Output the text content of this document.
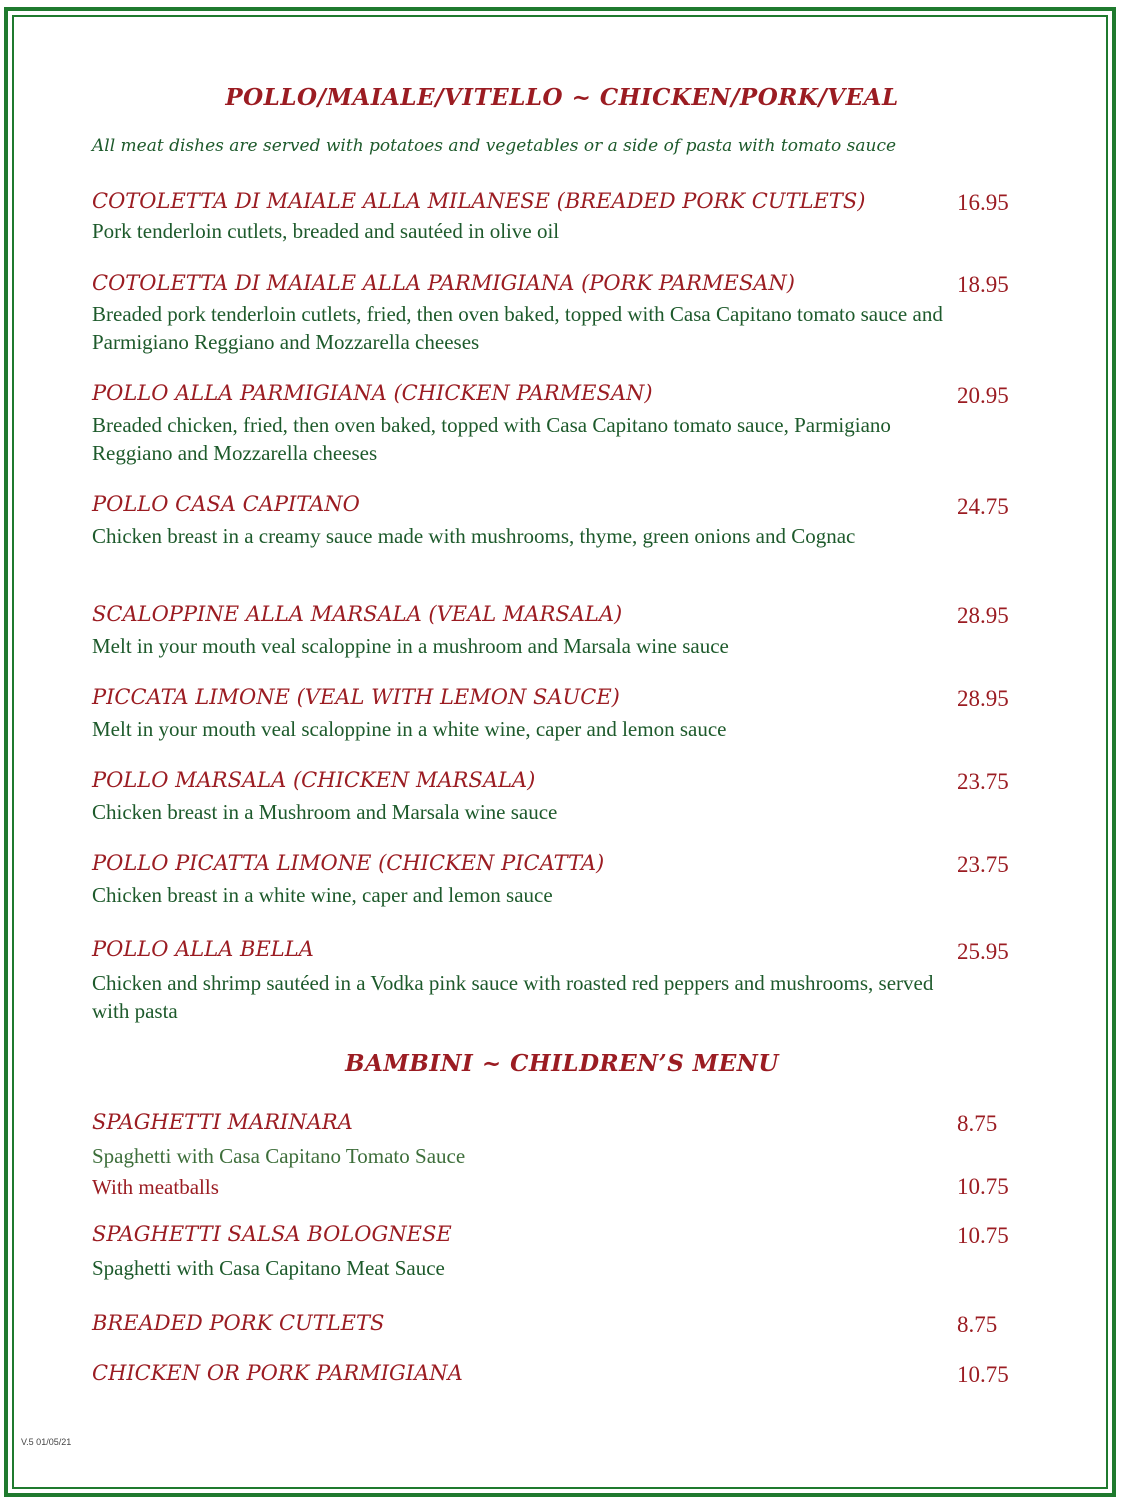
POLLO/MAIALE/VITELLO ~ CHICKEN/PORK/VEAL
All meat dishes are served with potatoes and vegetables or a side of pasta with tomato sauce
COTOLETTA DI MAIALE ALLA MILANESE (BREADED PORK CUTLETS)	16.95
Pork tenderloin cutlets, breaded and sautéed in olive oil
COTOLETTA DI MAIALE ALLA PARMIGIANA (PORK PARMESAN)	18.95
Breaded pork tenderloin cutlets, fried, then oven baked, topped with Casa Capitano tomato sauce and Parmigiano Reggiano and Mozzarella cheeses
POLLO ALLA PARMIGIANA (CHICKEN PARMESAN)	20.95
Breaded chicken, fried, then oven baked, topped with Casa Capitano tomato sauce, Parmigiano Reggiano and Mozzarella cheeses
POLLO CASA CAPITANO	24.75
Chicken breast in a creamy sauce made with mushrooms, thyme, green onions and Cognac
SCALOPPINE ALLA MARSALA (VEAL MARSALA)	28.95
Melt in your mouth veal scaloppine in a mushroom and Marsala wine sauce
PICCATA LIMONE (VEAL WITH LEMON SAUCE)	28.95
Melt in your mouth veal scaloppine in a white wine, caper and lemon sauce
POLLO MARSALA (CHICKEN MARSALA)	23.75
Chicken breast in a Mushroom and Marsala wine sauce
POLLO PICATTA LIMONE (CHICKEN PICATTA)	23.75
Chicken breast in a white wine, caper and lemon sauce
POLLO ALLA BELLA	25.95
Chicken and shrimp sautéed in a Vodka pink sauce with roasted red peppers and mushrooms, served with pasta
BAMBINI ~ CHILDREN’S MENU
SPAGHETTI MARINARA	8.75
Spaghetti with Casa Capitano Tomato Sauce
With meatballs	10.75
SPAGHETTI SALSA BOLOGNESE	10.75
Spaghetti with Casa Capitano Meat Sauce
BREADED PORK CUTLETS	8.75
CHICKEN OR PORK PARMIGIANA	10.75
V.5 01/05/21
